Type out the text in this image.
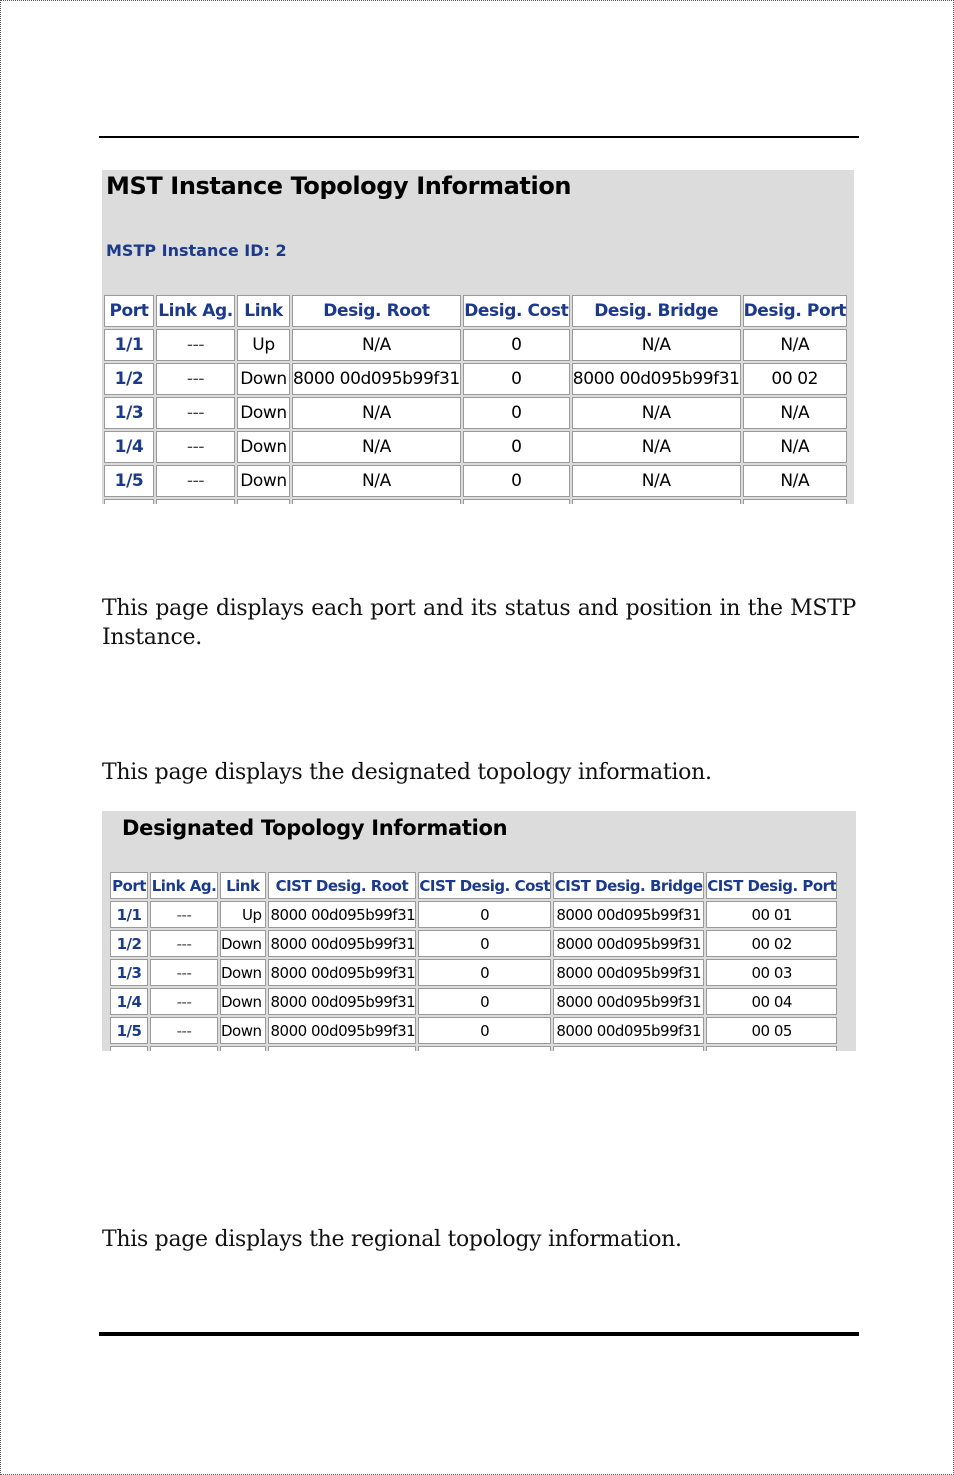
MST Instance Topology Information
MSTP Instance ID: 2
Port	Link Ag.	Link	Desig. Root	Desig. Cost	Desig. Bridge	Desig. Port
1/1	---	Up	N/A	0	N/A	N/A
1/2	---	Down	8000 00d095b99f31	0	8000 00d095b99f31	00 02
1/3	---	Down	N/A	0	N/A	N/A
1/4	---	Down	N/A	0	N/A	N/A
1/5	---	Down	N/A	0	N/A	N/A

This page displays each port and its status and position in the MSTP Instance.

This page displays the designated topology information.

Designated Topology Information
Port	Link Ag.	Link	CIST Desig. Root	CIST Desig. Cost	CIST Desig. Bridge	CIST Desig. Port
1/1	---	Up	8000 00d095b99f31	0	8000 00d095b99f31	00 01
1/2	---	Down	8000 00d095b99f31	0	8000 00d095b99f31	00 02
1/3	---	Down	8000 00d095b99f31	0	8000 00d095b99f31	00 03
1/4	---	Down	8000 00d095b99f31	0	8000 00d095b99f31	00 04
1/5	---	Down	8000 00d095b99f31	0	8000 00d095b99f31	00 05

This page displays the regional topology information.
